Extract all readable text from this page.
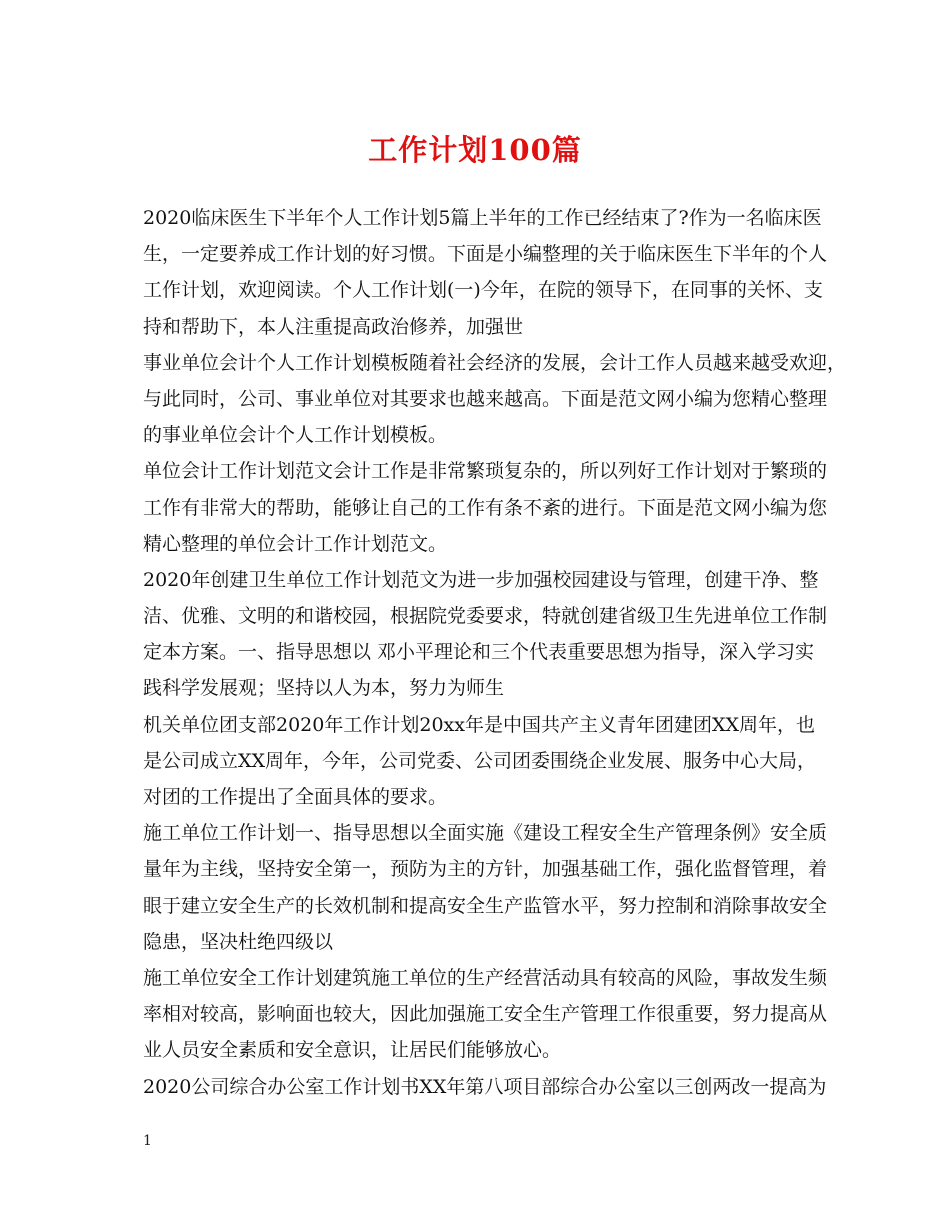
工作计划100篇
2020临床医生下半年个人工作计划5篇上半年的工作已经结束了?作为一名临床医
生，一定要养成工作计划的好习惯。下面是小编整理的关于临床医生下半年的个人
工作计划，欢迎阅读。个人工作计划(一)今年，在院的领导下，在同事的关怀、支
持和帮助下，本人注重提高政治修养，加强世
事业单位会计个人工作计划模板随着社会经济的发展，会计工作人员越来越受欢迎，
与此同时，公司、事业单位对其要求也越来越高。下面是范文网小编为您精心整理
的事业单位会计个人工作计划模板。
单位会计工作计划范文会计工作是非常繁琐复杂的，所以列好工作计划对于繁琐的
工作有非常大的帮助，能够让自己的工作有条不紊的进行。下面是范文网小编为您
精心整理的单位会计工作计划范文。
2020年创建卫生单位工作计划范文为进一步加强校园建设与管理，创建干净、整
洁、优雅、文明的和谐校园，根据院党委要求，特就创建省级卫生先进单位工作制
定本方案。一、指导思想以 邓小平理论和三个代表重要思想为指导，深入学习实
践科学发展观；坚持以人为本，努力为师生
机关单位团支部2020年工作计划20xx年是中国共产主义青年团建团XX周年，也
是公司成立XX周年，今年，公司党委、公司团委围绕企业发展、服务中心大局，
对团的工作提出了全面具体的要求。
施工单位工作计划一、指导思想以全面实施《建设工程安全生产管理条例》安全质
量年为主线，坚持安全第一，预防为主的方针，加强基础工作，强化监督管理，着
眼于建立安全生产的长效机制和提高安全生产监管水平，努力控制和消除事故安全
隐患，坚决杜绝四级以
施工单位安全工作计划建筑施工单位的生产经营活动具有较高的风险，事故发生频
率相对较高，影响面也较大，因此加强施工安全生产管理工作很重要，努力提高从
业人员安全素质和安全意识，让居民们能够放心。
2020公司综合办公室工作计划书XX年第八项目部综合办公室以三创两改一提高为
1
